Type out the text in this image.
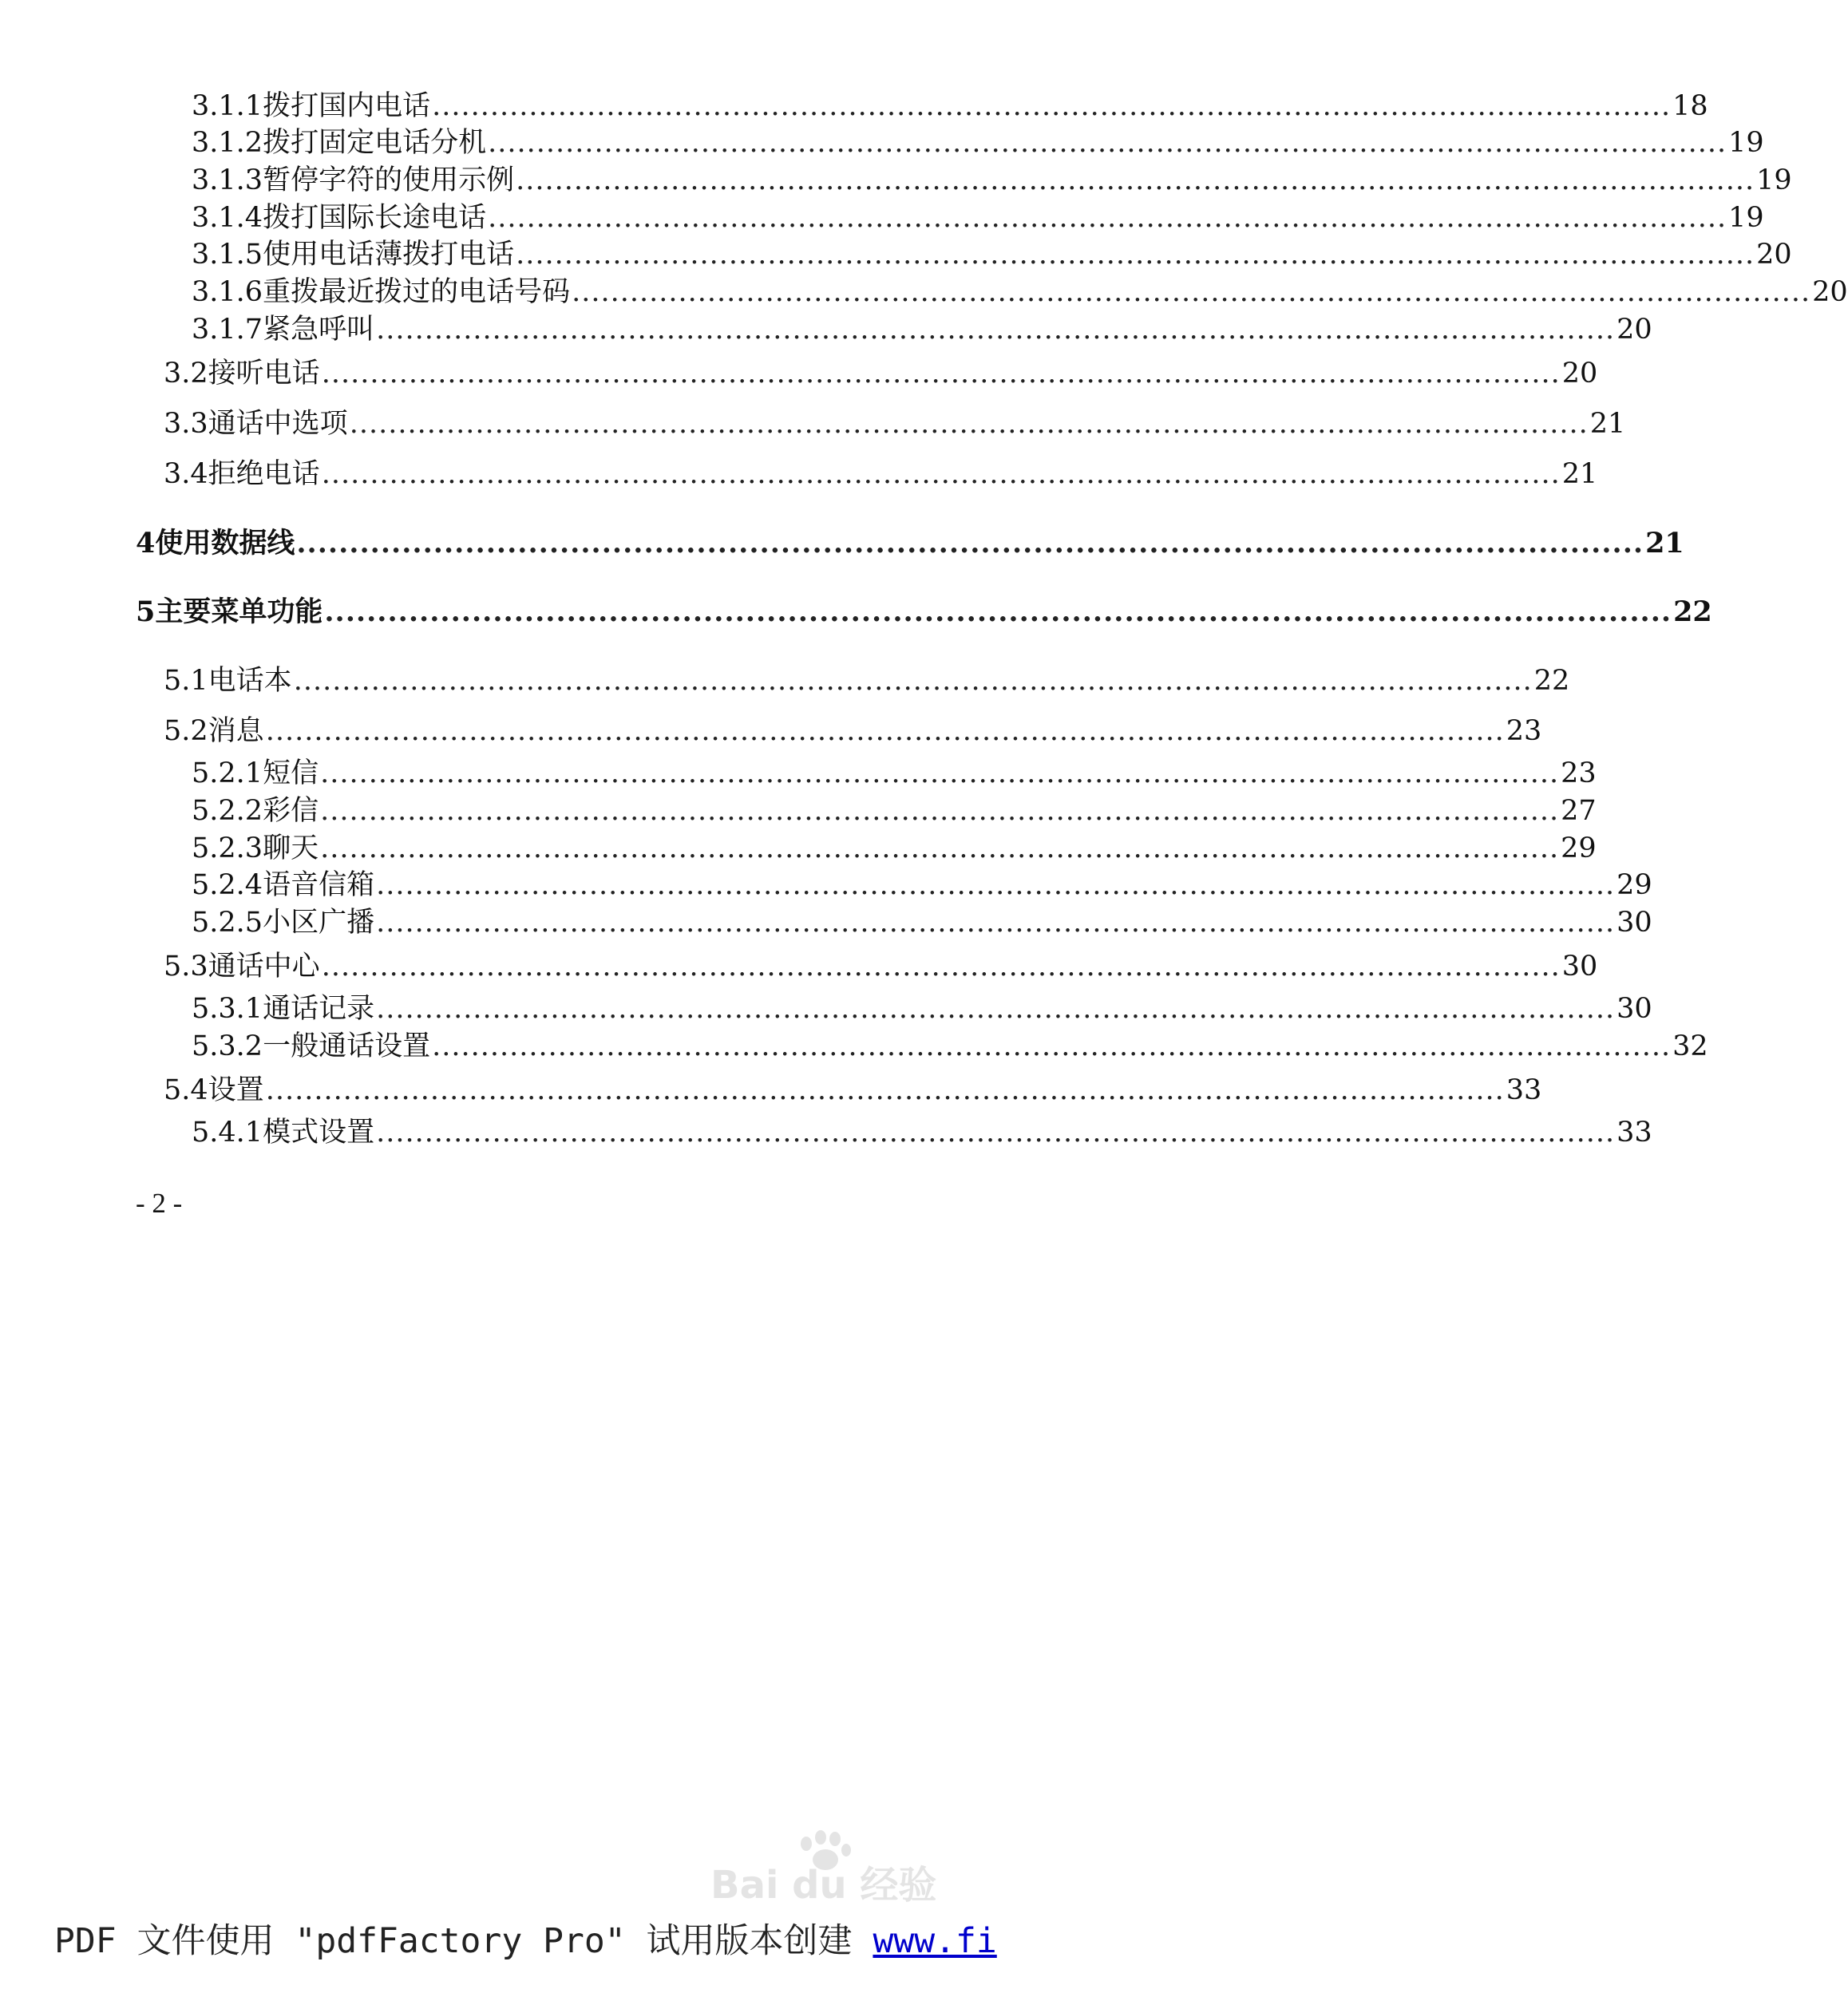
3.1.1 拨打国内电话 ................................................................................................................................ 18
3.1.2 拨打固定电话分机 ................................................................................................................................ 19
3.1.3 暂停字符的使用示例 ................................................................................................................................ 19
3.1.4 拨打国际长途电话 ................................................................................................................................ 19
3.1.5 使用电话薄拨打电话 ................................................................................................................................ 20
3.1.6 重拨最近拨过的电话号码 ................................................................................................................................ 20
3.1.7 紧急呼叫 ................................................................................................................................ 20
3.2 接听电话 ................................................................................................................................ 20
3.3 通话中选项 ................................................................................................................................ 21
3.4 拒绝电话 ................................................................................................................................ 21
4 使用数据线 ................................................................................................................................ 21
5 主要菜单功能 ................................................................................................................................ 22
5.1 电话本 ................................................................................................................................ 22
5.2 消息 ................................................................................................................................ 23
5.2.1 短信 ................................................................................................................................ 23
5.2.2 彩信 ................................................................................................................................ 27
5.2.3 聊天 ................................................................................................................................ 29
5.2.4 语音信箱 ................................................................................................................................ 29
5.2.5 小区广播 ................................................................................................................................ 30
5.3 通话中心 ................................................................................................................................ 30
5.3.1 通话记录 ................................................................................................................................ 30
5.3.2 一般通话设置 ................................................................................................................................ 32
5.4 设置 ................................................................................................................................ 33
5.4.1 模式设置 ................................................................................................................................ 33
- 2 -
Bai du 经验
PDF 文件使用 "pdfFactory Pro" 试用版本创建 www.fi
